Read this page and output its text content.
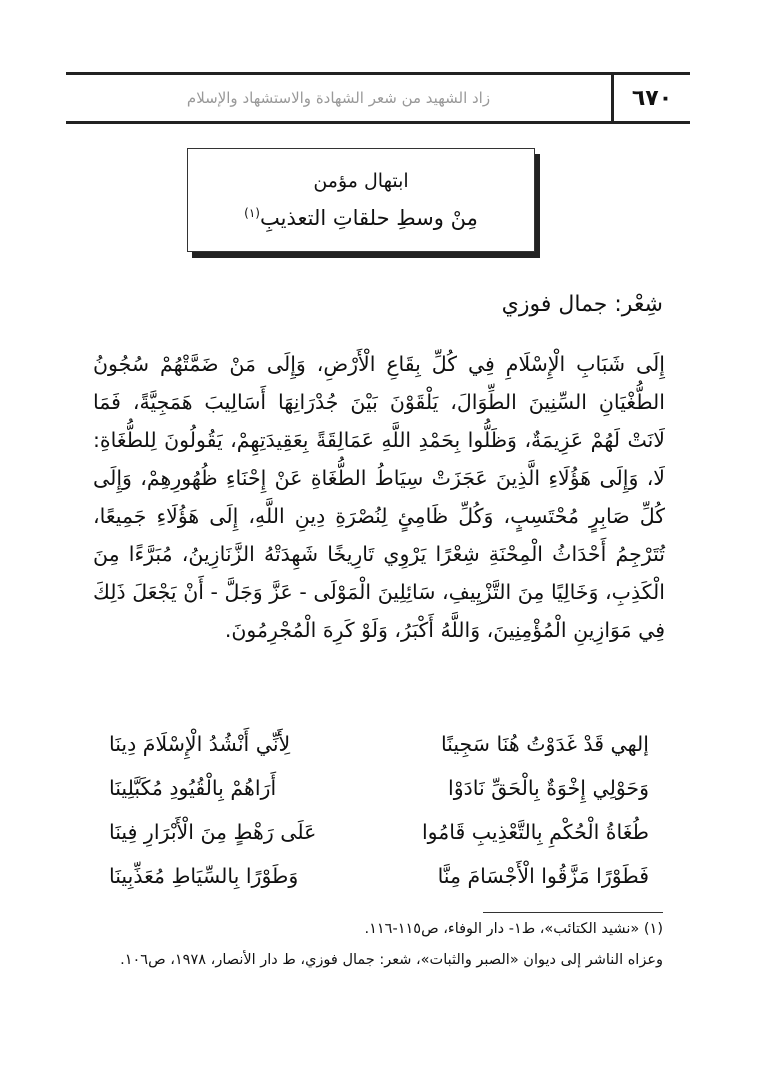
٦٧٠
زاد الشهيد من شعر الشهادة والاستشهاد والإسلام
ابتهال مؤمن
مِنْ وسطِ حلقاتِ التعذيبِ$^{(١)}$
شِعْر: جمال فوزي

إِلَى شَبَابِ الْإِسْلَامِ فِي كُلِّ بِقَاعِ الْأَرْضِ، وَإِلَى مَنْ ضَمَّتْهُمْ سُجُونُ الطُّغْيَانِ السِّنِينَ الطِّوَالَ، يَلْقَوْنَ بَيْنَ جُدْرَانِهَا أَسَالِيبَ هَمَجِيَّةً، فَمَا لَانَتْ لَهُمْ عَزِيمَةٌ، وَظَلُّوا بِحَمْدِ اللَّهِ عَمَالِقَةً بِعَقِيدَتِهِمْ، يَقُولُونَ لِلطُّغَاةِ: لَا، وَإِلَى هَؤُلَاءِ الَّذِينَ عَجَزَتْ سِيَاطُ الطُّغَاةِ عَنْ إِحْنَاءِ ظُهُورِهِمْ، وَإِلَى كُلِّ صَابِرٍ مُحْتَسِبٍ، وَكُلِّ ظَامِئٍ لِنُصْرَةِ دِينِ اللَّهِ، إِلَى هَؤُلَاءِ جَمِيعًا، تُتَرْجِمُ أَحْدَاثُ الْمِحْنَةِ شِعْرًا يَرْوِي تَارِيخًا شَهِدَتْهُ الزَّنَازِينُ، مُبَرَّءًا مِنَ الْكَذِبِ، وَخَالِيًا مِنَ التَّزْيِيفِ، سَائِلِينَ الْمَوْلَى - عَزَّ وَجَلَّ - أَنْ يَجْعَلَ ذَلِكَ فِي مَوَازِينِ الْمُؤْمِنِينَ، وَاللَّهُ أَكْبَرُ، وَلَوْ كَرِهَ الْمُجْرِمُونَ.

إلهي قَدْ غَدَوْتُ هُنَا سَجِينًا
لِأَنِّي أَنْشُدُ الْإِسْلَامَ دِينَا
وَحَوْلِي إِخْوَةٌ بِالْحَقِّ نَادَوْا
أَرَاهُمْ بِالْقُيُودِ مُكَبَّلِينَا
طُغَاةُ الْحُكْمِ بِالتَّعْذِيبِ قَامُوا
عَلَى رَهْطٍ مِنَ الْأَبْرَارِ فِينَا
فَطَوْرًا مَزَّقُوا الْأَجْسَامَ مِنَّا
وَطَوْرًا بِالسِّيَاطِ مُعَذِّبِينَا

(١) «نشيد الكتائب»، ط١- دار الوفاء، ص١١٥-١١٦.

وعزاه الناشر إلى ديوان «الصبر والثبات»، شعر: جمال فوزي، ط دار الأنصار، ١٩٧٨، ص١٠٦.
